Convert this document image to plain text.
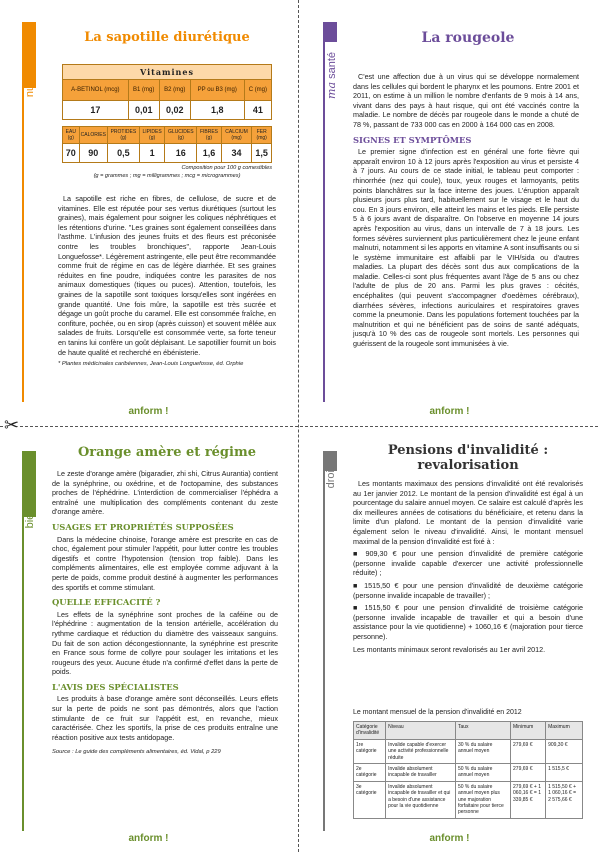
✂
nutrition
La sapotille diurétique
Vitamines				
A-BETINOL (mcg)	B1 (mg)	B2 (mg)	PP ou B3 (mg)	C (mg)
17	0,01	0,02	1,8	41
EAU (g)	CALORIES	PROTIDES (g)	LIPIDES (g)	GLUCIDES (g)	FIBRES (g)	CALCIUM (mg)	FER (mg)
70	90	0,5	1	16	1,6	34	1,5
Composition pour 100 g comestibles
(g = grammes ; mg = milligrammes ; mcg = microgrammes)

La sapotille est riche en fibres, de cellulose, de sucre et de vitamines. Elle est réputée pour ses vertus diurétiques (surtout les graines), mais également pour soigner les coliques néphrétiques et les rétentions d'urine. "Les graines sont également conseillées dans l'asthme. L'infusion des jeunes fruits et des fleurs est préconisée contre les troubles bronchiques", rapporte Jean-Louis Longuefosse*. Légèrement astringente, elle peut être recommandée comme fruit de régime en cas de légère diarrhée. Et ses graines réduites en fine poudre, indiquées contre les parasites de nos animaux domestiques (tiques ou puces). Attention, toutefois, les graines de la sapotille sont toxiques lorsqu'elles sont ingérées en grande quantité. Une fois mûre, la sapotille est très sucrée et dégage un goût proche du caramel. Elle est consommée fraîche, en confiture, pochée, ou en sirop (après cuisson) et souvent mêlée aux salades de fruits. Lorsqu'elle est consommée verte, sa forte teneur en tanins lui confère un goût déplaisant. Le sapotillier fournit un bois de haute qualité et recherché en ébénisterie.

* Plantes médicinales caribéennes, Jean-Louis Longuefosse, éd. Orphie

anform !
ma santé
La rougeole

C'est une affection due à un virus qui se développe normalement dans les cellules qui bordent le pharynx et les poumons. Entre 2001 et 2011, on estime à un million le nombre d'enfants de 9 mois à 14 ans, vivant dans des pays à haut risque, qui ont été vaccinés contre la maladie. Le nombre de décès par rougeole dans le monde a chuté de 78 %, passant de 733 000 cas en 2000 à 164 000 cas en 2008.

SIGNES ET SYMPTÔMES

Le premier signe d'infection est en général une forte fièvre qui apparaît environ 10 à 12 jours après l'exposition au virus et persiste 4 à 7 jours. Au cours de ce stade initial, le tableau peut comporter : rhinorrhée (nez qui coule), toux, yeux rouges et larmoyants, petits points blanchâtres sur la face interne des joues. L'éruption apparaît plusieurs jours plus tard, habituellement sur le visage et le haut du cou. En 3 jours environ, elle atteint les mains et les pieds. Elle persiste 5 à 6 jours avant de disparaître. On l'observe en moyenne 14 jours après l'exposition au virus, dans un intervalle de 7 à 18 jours. Les formes sévères surviennent plus particulièrement chez le jeune enfant malnutri, notamment si les apports en vitamine A sont insuffisants ou si le système immunitaire est affaibli par le VIH/sida ou d'autres maladies. La plupart des décès sont dus aux complications de la maladie. Celles-ci sont plus fréquentes avant l'âge de 5 ans ou chez l'adulte de plus de 20 ans. Parmi les plus graves : cécités, encéphalites (qui peuvent s'accompagner d'oedèmes cérébraux), diarrhées sévères, infections auriculaires et respiratoires graves comme la pneumonie. Dans les populations fortement touchées par la malnutrition et qui ne bénéficient pas de soins de santé adéquats, jusqu'à 10 % des cas de rougeole sont mortels. Les personnes qui guérissent de la rougeole sont immunisées à vie.

anform !
bien-être
Orange amère et régime

Le zeste d'orange amère (bigaradier, zhi shi, Citrus Aurantia) contient de la synéphrine, ou oxédrine, et de l'octopamine, des substances proches de l'éphédrine. L'interdiction de commercialiser l'éphédra a entraîné une multiplication des compléments contenant du zeste d'orange amère.

USAGES ET PROPRIÉTÉS SUPPOSÉES

Dans la médecine chinoise, l'orange amère est prescrite en cas de choc, également pour stimuler l'appétit, pour lutter contre les troubles digestifs et contre l'hypotension (tension trop faible). Dans les compléments alimentaires, elle est employée comme adjuvant à la perte de poids, comme produit destiné à augmenter les performances des sportifs et comme stimulant.

QUELLE EFFICACITÉ ?

Les effets de la synéphrine sont proches de la caféine ou de l'éphédrine : augmentation de la tension artérielle, accélération du rythme cardiaque et réduction du diamètre des vaisseaux sanguins. Du fait de son action décongestionnante, la synéphrine est prescrite en France sous forme de collyre pour soulager les irritations et les rougeurs des yeux. Aucune étude n'a confirmé d'effet dans la perte de poids.

L'AVIS DES SPÉCIALISTES

Les produits à base d'orange amère sont déconseillés. Leurs effets sur la perte de poids ne sont pas démontrés, alors que l'action stimulante de ce fruit sur l'appétit est, en revanche, mieux caractérisée. Chez les sportifs, la prise de ces produits entraîne une réaction positive aux tests antidopage.

Source : Le guide des compléments alimentaires, éd. Vidal, p 229

anform !
droit
Pensions d'invalidité :
revalorisation

Les montants maximaux des pensions d'invalidité ont été revalorisés au 1er janvier 2012. Le montant de la pension d'invalidité est égal à un pourcentage du salaire annuel moyen. Ce salaire est calculé d'après les dix meilleures années de cotisations du bénéficiaire, et retenu dans la limite d'un plafond. Le montant de la pension d'invalidité varie également selon le niveau d'invalidité. Ainsi, le montant mensuel maximal de la pension d'invalidité est fixé à :

■ 909,30 € pour une pension d'invalidité de première catégorie (personne invalide capable d'exercer une activité professionnelle réduite) ;

■ 1515,50 € pour une pension d'invalidité de deuxième catégorie (personne invalide incapable de travailler) ;

■ 1515,50 € pour une pension d'invalidité de troisième catégorie (personne invalide incapable de travailler et qui a besoin d'une assistance pour la vie quotidienne) + 1060,16 € (majoration pour tierce personne).

Les montants minimaux seront revalorisés au 1er avril 2012.

Le montant mensuel de la pension d'invalidité en 2012
Catégorie d'invalidité	Niveau	Taux	Minimum	Maximum
1re catégorie	Invalide capable d'exercer une activité professionnelle réduite	30 % du salaire annuel moyen	279,69 €	909,30 €
2e catégorie	Invalide absolument incapable de travailler	50 % du salaire annuel moyen	279,69 €	1 515,5 €
3e catégorie	Invalide absolument incapable de travailler et qui a besoin d'une assistance pour la vie quotidienne	50 % du salaire annuel moyen plus une majoration forfaitaire pour tierce personne	279,69 € + 1 060,16 € = 1 339,85 €	1 515,50 € + 1 060,16 € = 2 575,66 €
anform !
